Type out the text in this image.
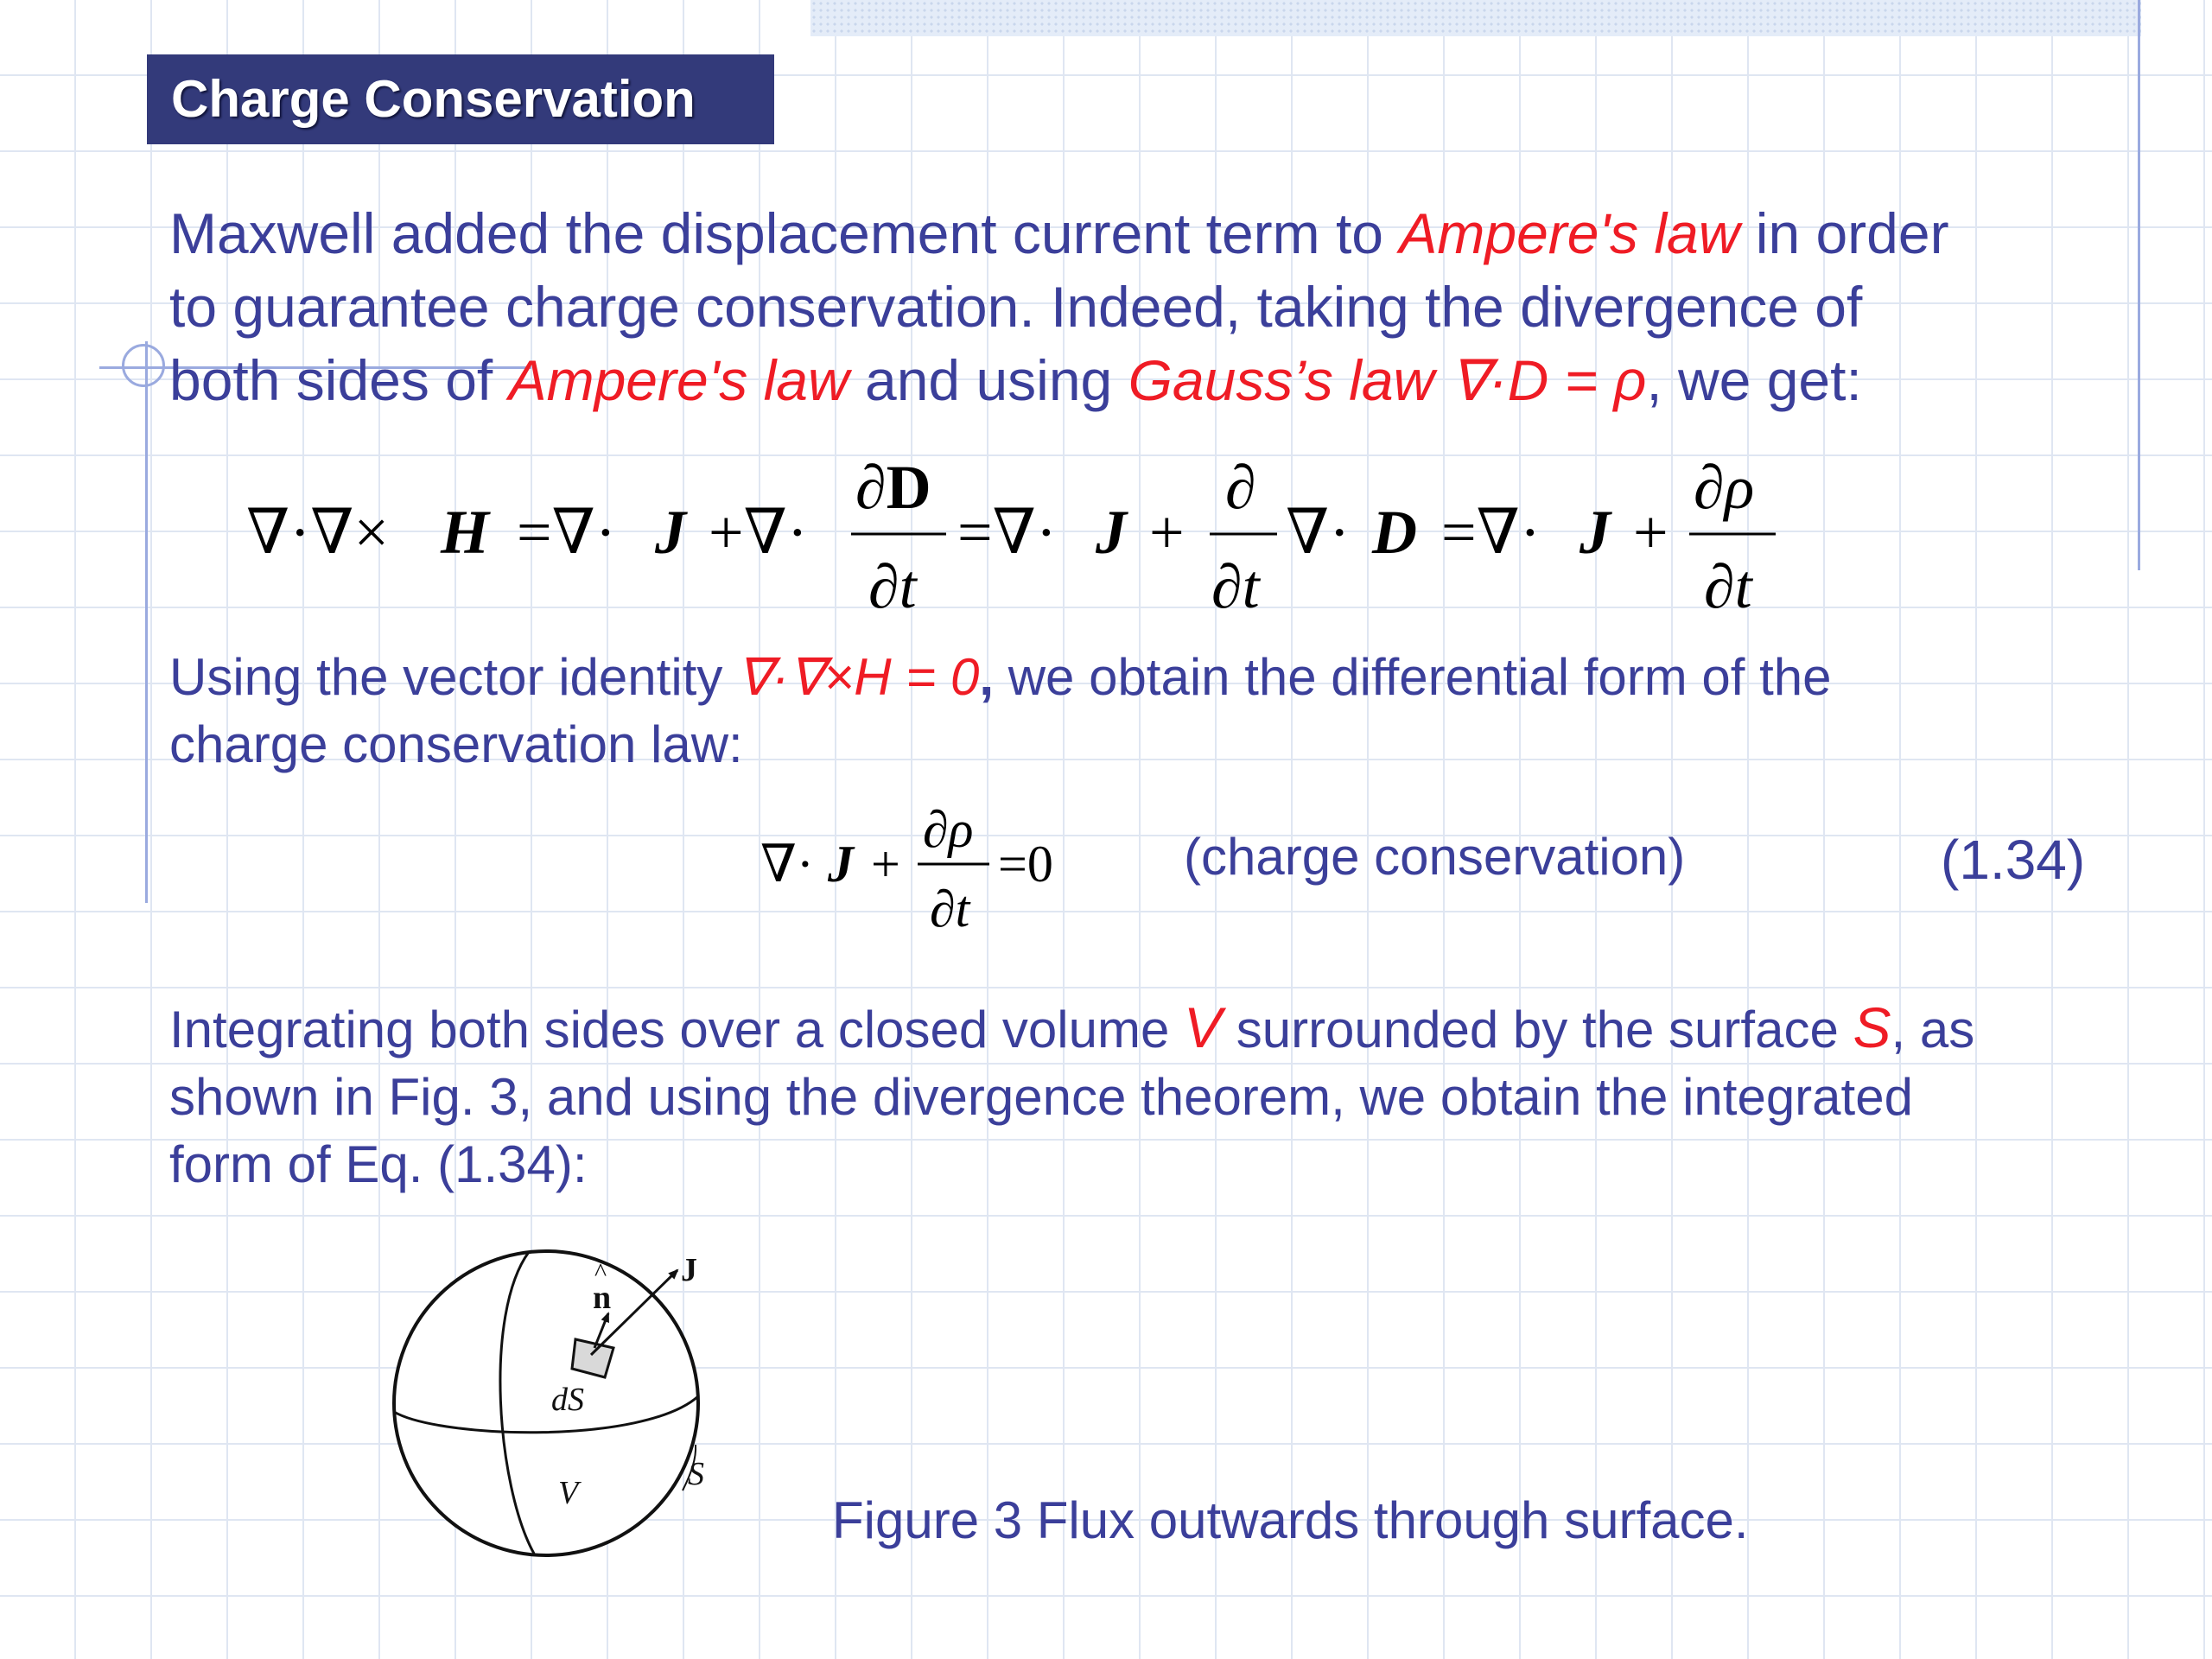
Charge Conservation
Maxwell added the displacement current term to Ampere's law in order
to guarantee charge conservation. Indeed, taking the divergence of
both sides of Ampere's law and using Gauss’s law ∇·D = ρ, we get:
∇·∇× H =∇· J +∇·
∂D
∂t
=∇· J +
∂
∂t
∇· D =∇· J +
∂ρ
∂t
Using the vector identity ∇·∇×H = 0, we obtain the differential form of the
charge conservation law:
∇· J +
∂ρ
∂t
=0	(charge conservation)	(1.34)
Integrating both sides over a closed volume V surrounded by the surface S, as
shown in Fig. 3, and using the divergence theorem, we obtain the integrated
form of Eq. (1.34):
n
^ J
dS
V
S
Figure 3 Flux outwards through surface.
